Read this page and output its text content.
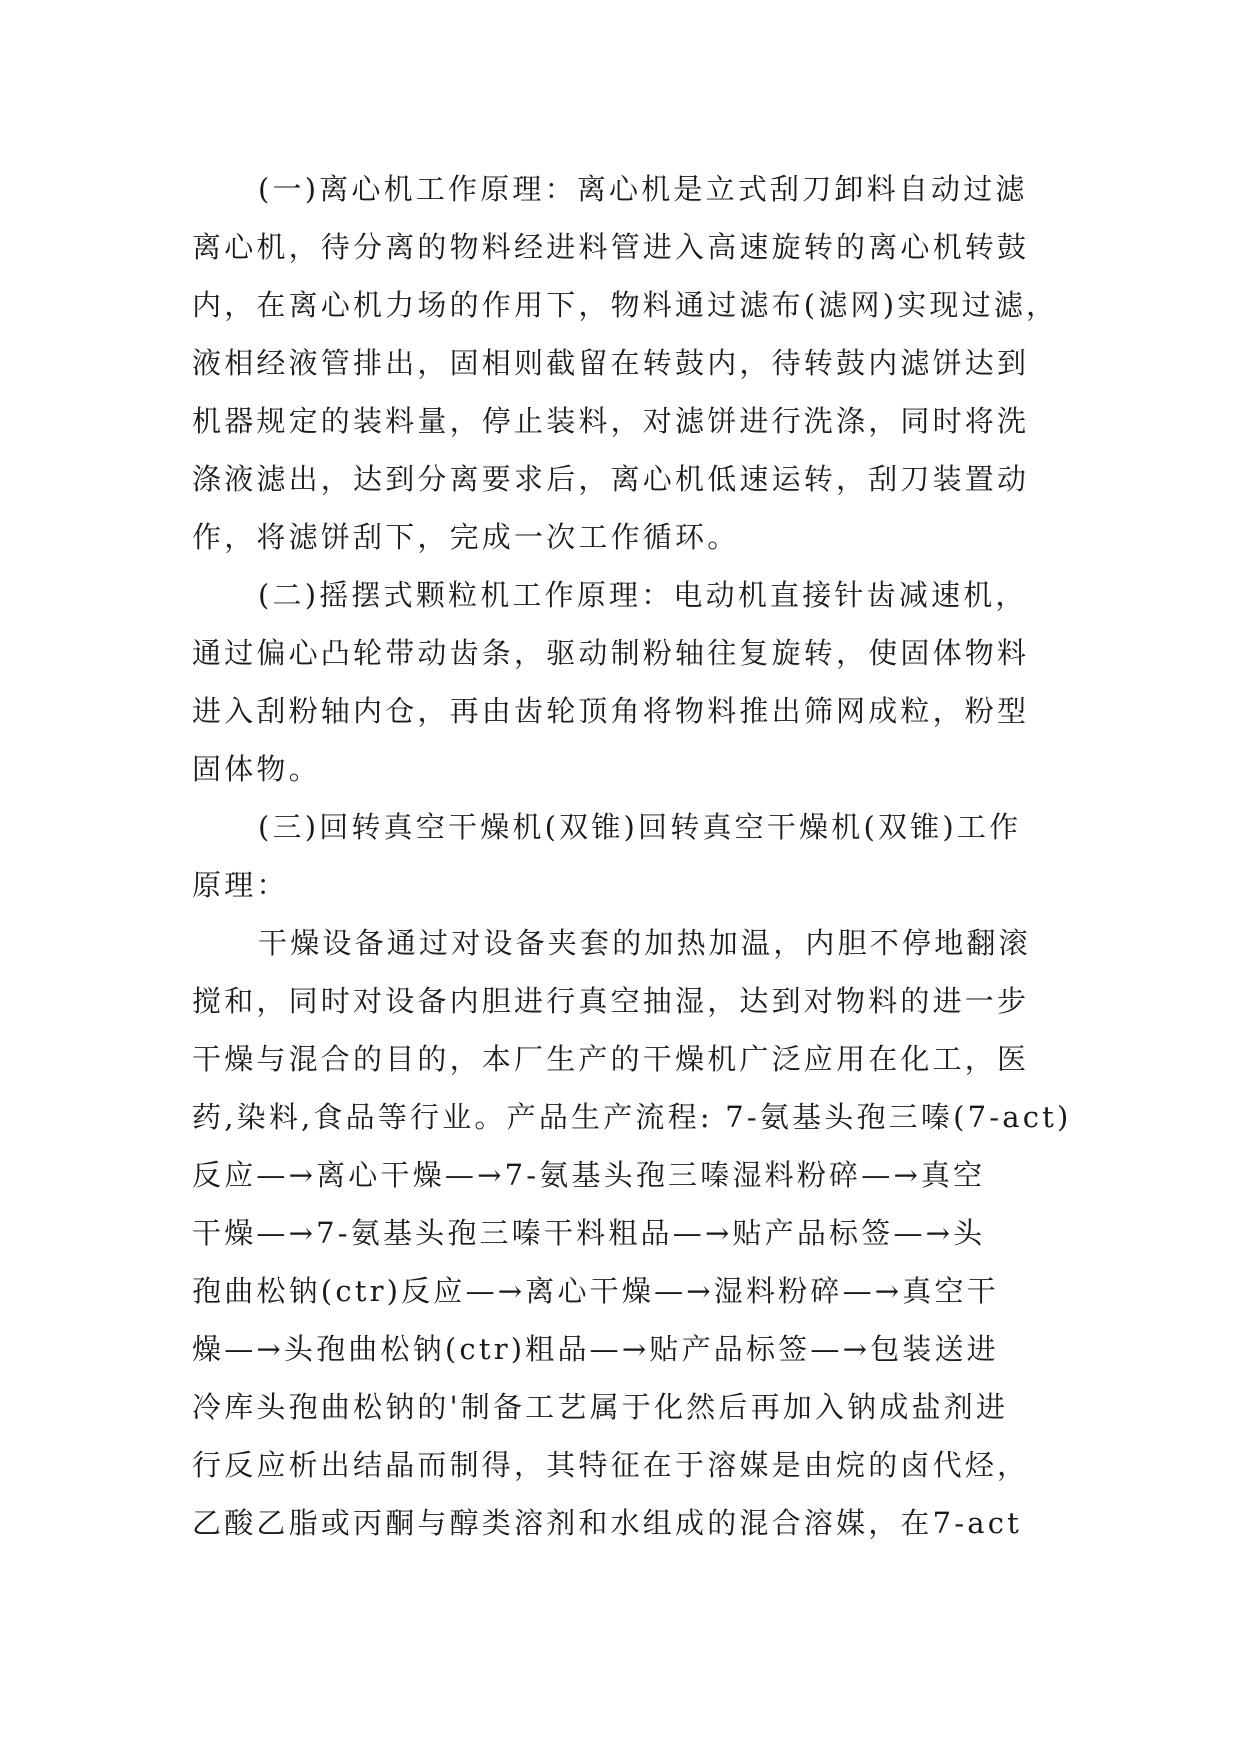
(一)离心机工作原理：离心机是立式刮刀卸料自动过滤
离心机，待分离的物料经进料管进入高速旋转的离心机转鼓
内，在离心机力场的作用下，物料通过滤布(滤网)实现过滤，
液相经液管排出，固相则截留在转鼓内，待转鼓内滤饼达到
机器规定的装料量，停止装料，对滤饼进行洗涤，同时将洗
涤液滤出，达到分离要求后，离心机低速运转，刮刀装置动
作，将滤饼刮下，完成一次工作循环。
(二)摇摆式颗粒机工作原理：电动机直接针齿减速机，
通过偏心凸轮带动齿条，驱动制粉轴往复旋转，使固体物料
进入刮粉轴内仓，再由齿轮顶角将物料推出筛网成粒，粉型
固体物。
(三)回转真空干燥机(双锥)回转真空干燥机(双锥)工作
原理：
干燥设备通过对设备夹套的加热加温，内胆不停地翻滚
搅和，同时对设备内胆进行真空抽湿，达到对物料的进一步
干燥与混合的目的，本厂生产的干燥机广泛应用在化工，医
药,染料,食品等行业。产品生产流程: 7-氨基头孢三嗪(7-act)
反应—→离心干燥—→7-氨基头孢三嗪湿料粉碎—→真空
干燥—→7-氨基头孢三嗪干料粗品—→贴产品标签—→头
孢曲松钠(ctr)反应—→离心干燥—→湿料粉碎—→真空干
燥—→头孢曲松钠(ctr)粗品—→贴产品标签—→包装送进
冷库头孢曲松钠的'制备工艺属于化然后再加入钠成盐剂进
行反应析出结晶而制得，其特征在于溶媒是由烷的卤代烃，
乙酸乙脂或丙酮与醇类溶剂和水组成的混合溶媒，在7-act
